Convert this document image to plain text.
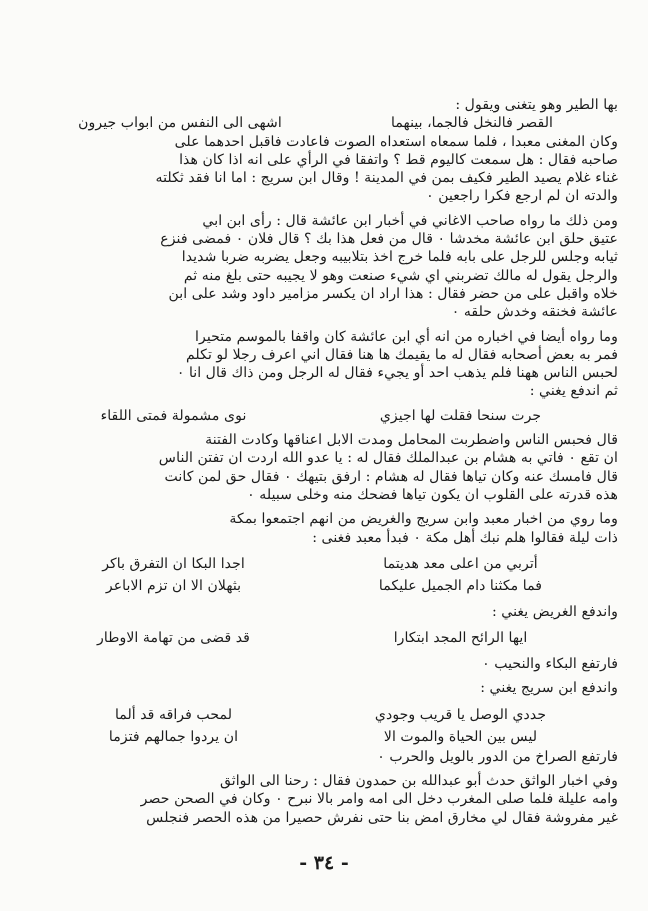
بها الطير وهو يتغنى ويقول :

القصر فالنخل فالجما، بينهما
اشهى الى النفس من ابواب جيرون

وكان المغنى معبدا ، فلما سمعاه استعداه الصوت فاعادت فاقبل احدهما على

صاحبه فقال : هل سمعت كاليوم قط ؟ واتفقا في الرأي على انه اذا كان هذا

غناء غلام يصيد الطير فكيف بمن في المدينة ! وقال ابن سريج : اما انا فقد ثكلته

والدته ان لم ارجع فكرا راجعين ٠

ومن ذلك ما رواه صاحب الاغاني في أخبار ابن عائشة قال : رأى ابن ابي

عتيق حلق ابن عائشة مخدشا ٠ قال من فعل هذا بك ؟ قال فلان ٠ فمضى فنزع

ثيابه وجلس للرجل على بابه فلما خرج اخذ بتلابيبه وجعل يضربه ضربا شديدا

والرجل يقول له مالك تضربني اي شيء صنعت وهو لا يجيبه حتى بلغ منه ثم

خلاه واقبل على من حضر فقال : هذا اراد ان يكسر مزامير داود وشد على ابن

عائشة فخنقه وخدش حلقه ٠

وما رواه أيضا في اخباره من انه أي ابن عائشة كان واقفا بالموسم متحيرا

فمر به بعض أصحابه فقال له ما يقيمك ها هنا فقال اني اعرف رجلا لو تكلم

لحبس الناس ههنا فلم يذهب احد أو يجيء فقال له الرجل ومن ذاك قال انا ٠

ثم اندفع يغني :

جرت سنحا فقلت لها اجيزي
نوى مشمولة فمتى اللقاء

قال فحبس الناس واضطربت المحامل ومدت الابل اعناقها وكادت الفتنة

ان تقع ٠ فاتي به هشام بن عبدالملك فقال له : يا عدو الله اردت ان تفتن الناس

قال فامسك عنه وكان تياها فقال له هشام : ارفق بتيهك ٠ فقال حق لمن كانت

هذه قدرته على القلوب ان يكون تياها فضحك منه وخلى سبيله ٠

وما روي من اخبار معبد وابن سريج والغريض من انهم اجتمعوا بمكة

ذات ليلة فقالوا هلم نبك أهل مكة ٠ فبدأ معبد فغنى :

أتربي من اعلى معد هديتما
اجدا البكا ان التفرق باكر
فما مكثنا دام الجميل عليكما
بثهلان الا ان تزم الاباعر

واندفع الغريض يغني :

ايها الرائح المجد ابتكارا
قد قضى من تهامة الاوطار

فارتفع البكاء والنحيب ٠

واندفع ابن سريج يغني :

جددي الوصل يا قريب وجودي
لمحب فراقه قد ألما
ليس بين الحياة والموت الا
ان يردوا جمالهم فتزما

فارتفع الصراخ من الدور بالويل والحرب ٠

وفي اخبار الواثق حدث أبو عبدالله بن حمدون فقال : رحنا الى الواثق

وامه عليلة فلما صلى المغرب دخل الى امه وامر بالا نبرح ٠ وكان في الصحن حصر

غير مفروشة فقال لي مخارق امض بنا حتى نفرش حصيرا من هذه الحصر فنجلس

- ٣٤ -
